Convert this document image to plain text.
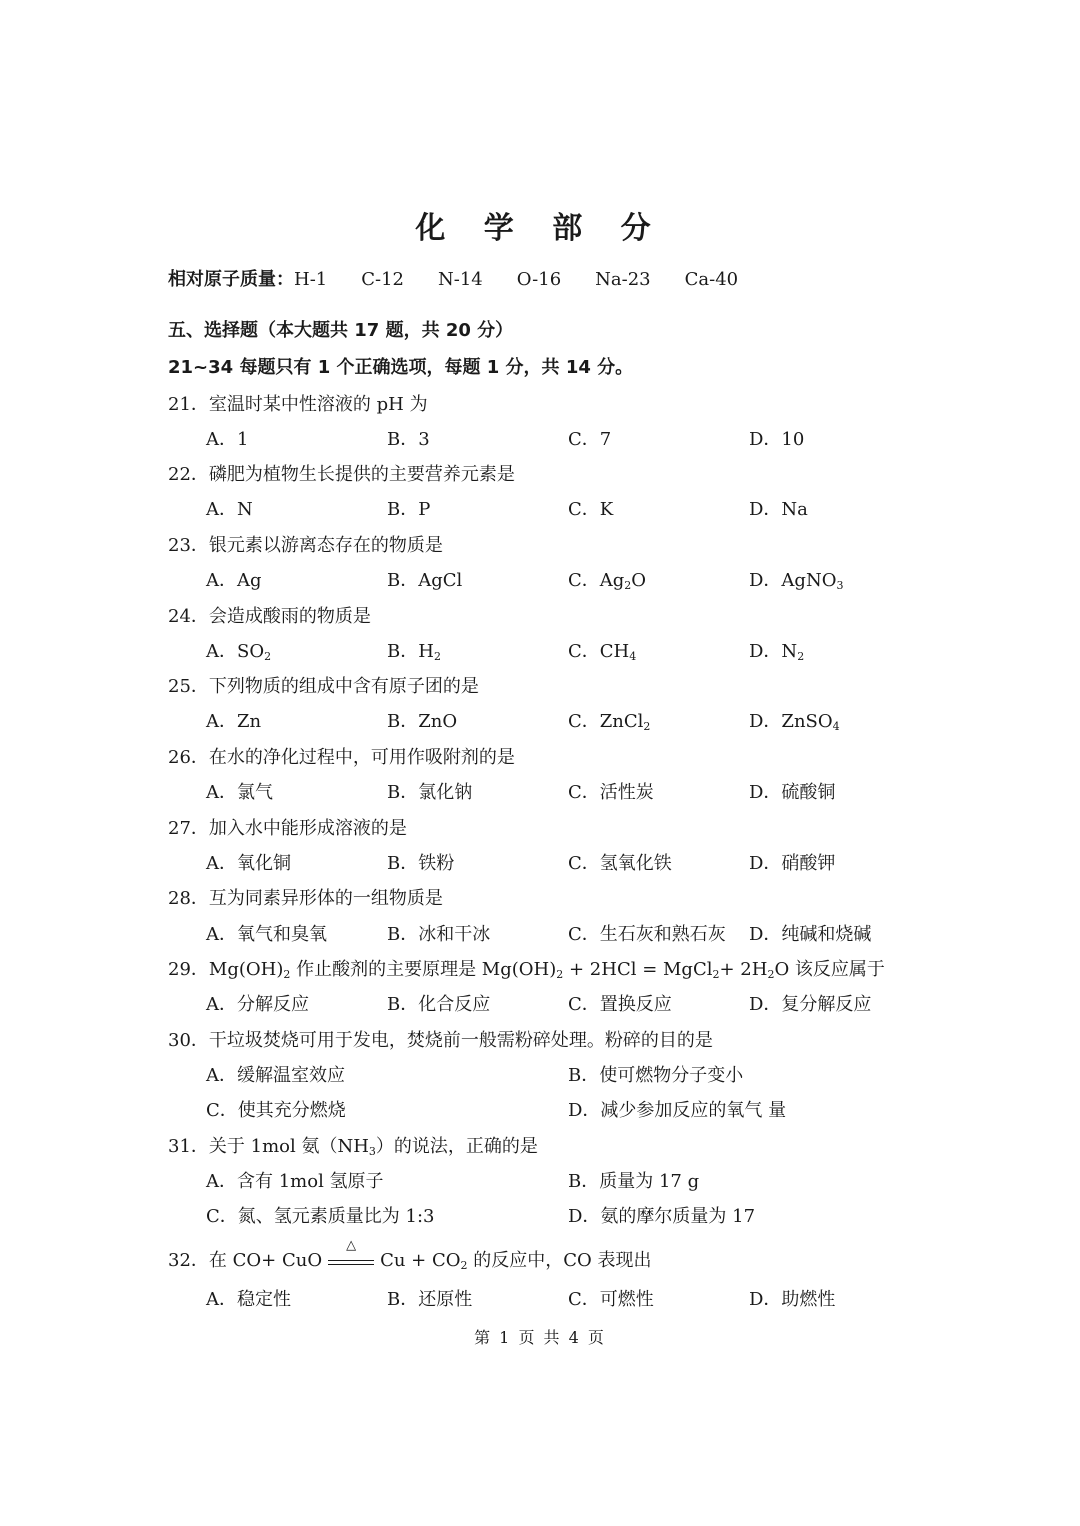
化 学 部 分
相对原子质量：H-1 C-12 N-14 O-16 Na-23 Ca-40
五、选择题（本大题共 17 题，共 20 分）
21~34 每题只有 1 个正确选项，每题 1 分，共 14 分。
21．室温时某中性溶液的 pH 为
A．1	B．3	C．7	D．10
22．磷肥为植物生长提供的主要营养元素是
A．N	B．P	C．K	D．Na
23．银元素以游离态存在的物质是
A．Ag	B．AgCl	C．$Ag_2O$	D．AgNO$_3$
24．会造成酸雨的物质是
A．$SO_2$	B．$H_2$	C．$CH_4$	D．$N_2$
25．下列物质的组成中含有原子团的是
A．Zn	B．ZnO	C．ZnCl$_2$	D．ZnSO$_4$
26．在水的净化过程中，可用作吸附剂的是
A．氯气	B．氯化钠	C．活性炭	D．硫酸铜
27．加入水中能形成溶液的是
A．氧化铜	B．铁粉	C．氢氧化铁	D．硝酸钾
28．互为同素异形体的一组物质是
A．氧气和臭氧	B．冰和干冰	C．生石灰和熟石灰 D．纯碱和烧碱
29．$Mg(OH)_2$ 作止酸剂的主要原理是 $Mg(OH)_2 + 2HCl$ = MgCl$_2$+ $2H_2O$ 该反应属于
A．分解反应	B．化合反应	C．置换反应	D．复分解反应
30．干垃圾焚烧可用于发电，焚烧前一般需粉碎处理。粉碎的目的是
A．缓解温室效应	B．使可燃物分子变小
C．使其充分燃烧	D．减少参加反应的氧气 量
31．关于 1mol 氨$(NH_3)$的说法，正确的是
A．含有 1mol 氢原子	B．质量为 17 g
C．氮、氢元素质量比为 1:3	D．氨的摩尔质量为 17
32．在 CO+ CuO
△
$Cu + CO_2$ 的反应中，CO 表现出
A．稳定性	B．还原性	C．可燃性	D．助燃性
第 1 页 共 4 页
